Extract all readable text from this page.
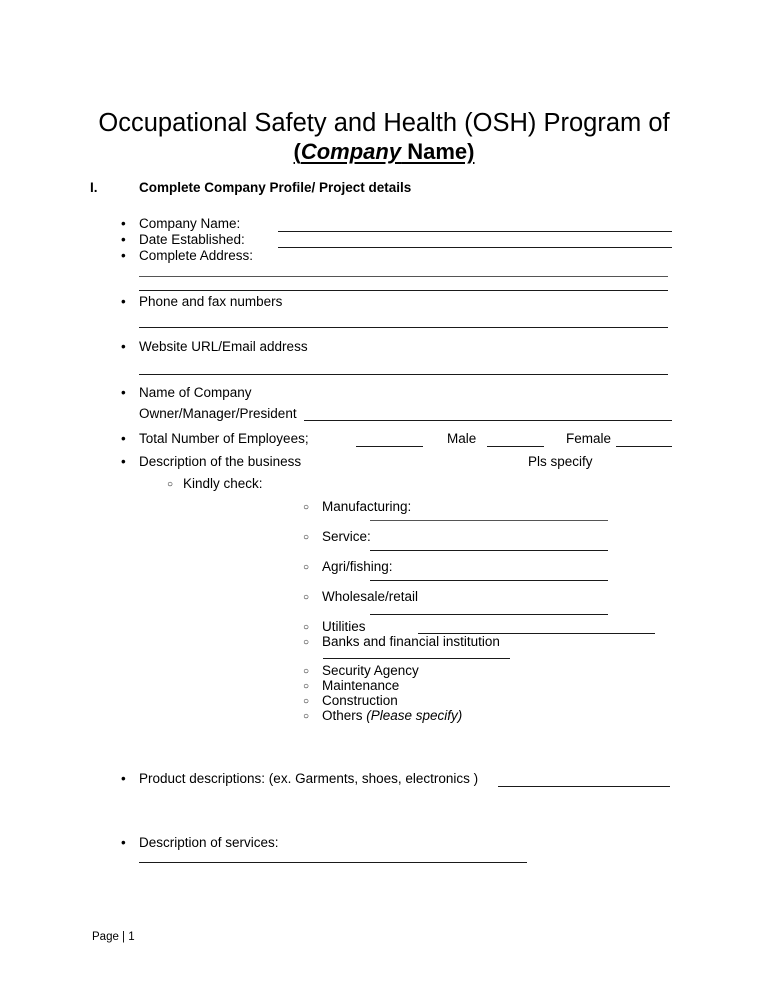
Occupational Safety and Health (OSH) Program of
(Company Name)
I.	Complete Company Profile/ Project details
•
Company Name:
•
Date Established:
•
Complete Address:
•
Phone and fax numbers
•
Website URL/Email address
•
Name of Company
Owner/Manager/President
•
Total Number of Employees;	Male	Female
•
Description of the business	Pls specify
○
Kindly check:
○
Manufacturing:
○
Service:
○
Agri/fishing:
○
Wholesale/retail
○
Utilities
○
Banks and financial institution
○
Security Agency
○
Maintenance
○
Construction
○
Others (Please specify)
•
Product descriptions: (ex. Garments, shoes, electronics )
•
Description of services:
Page | 1
